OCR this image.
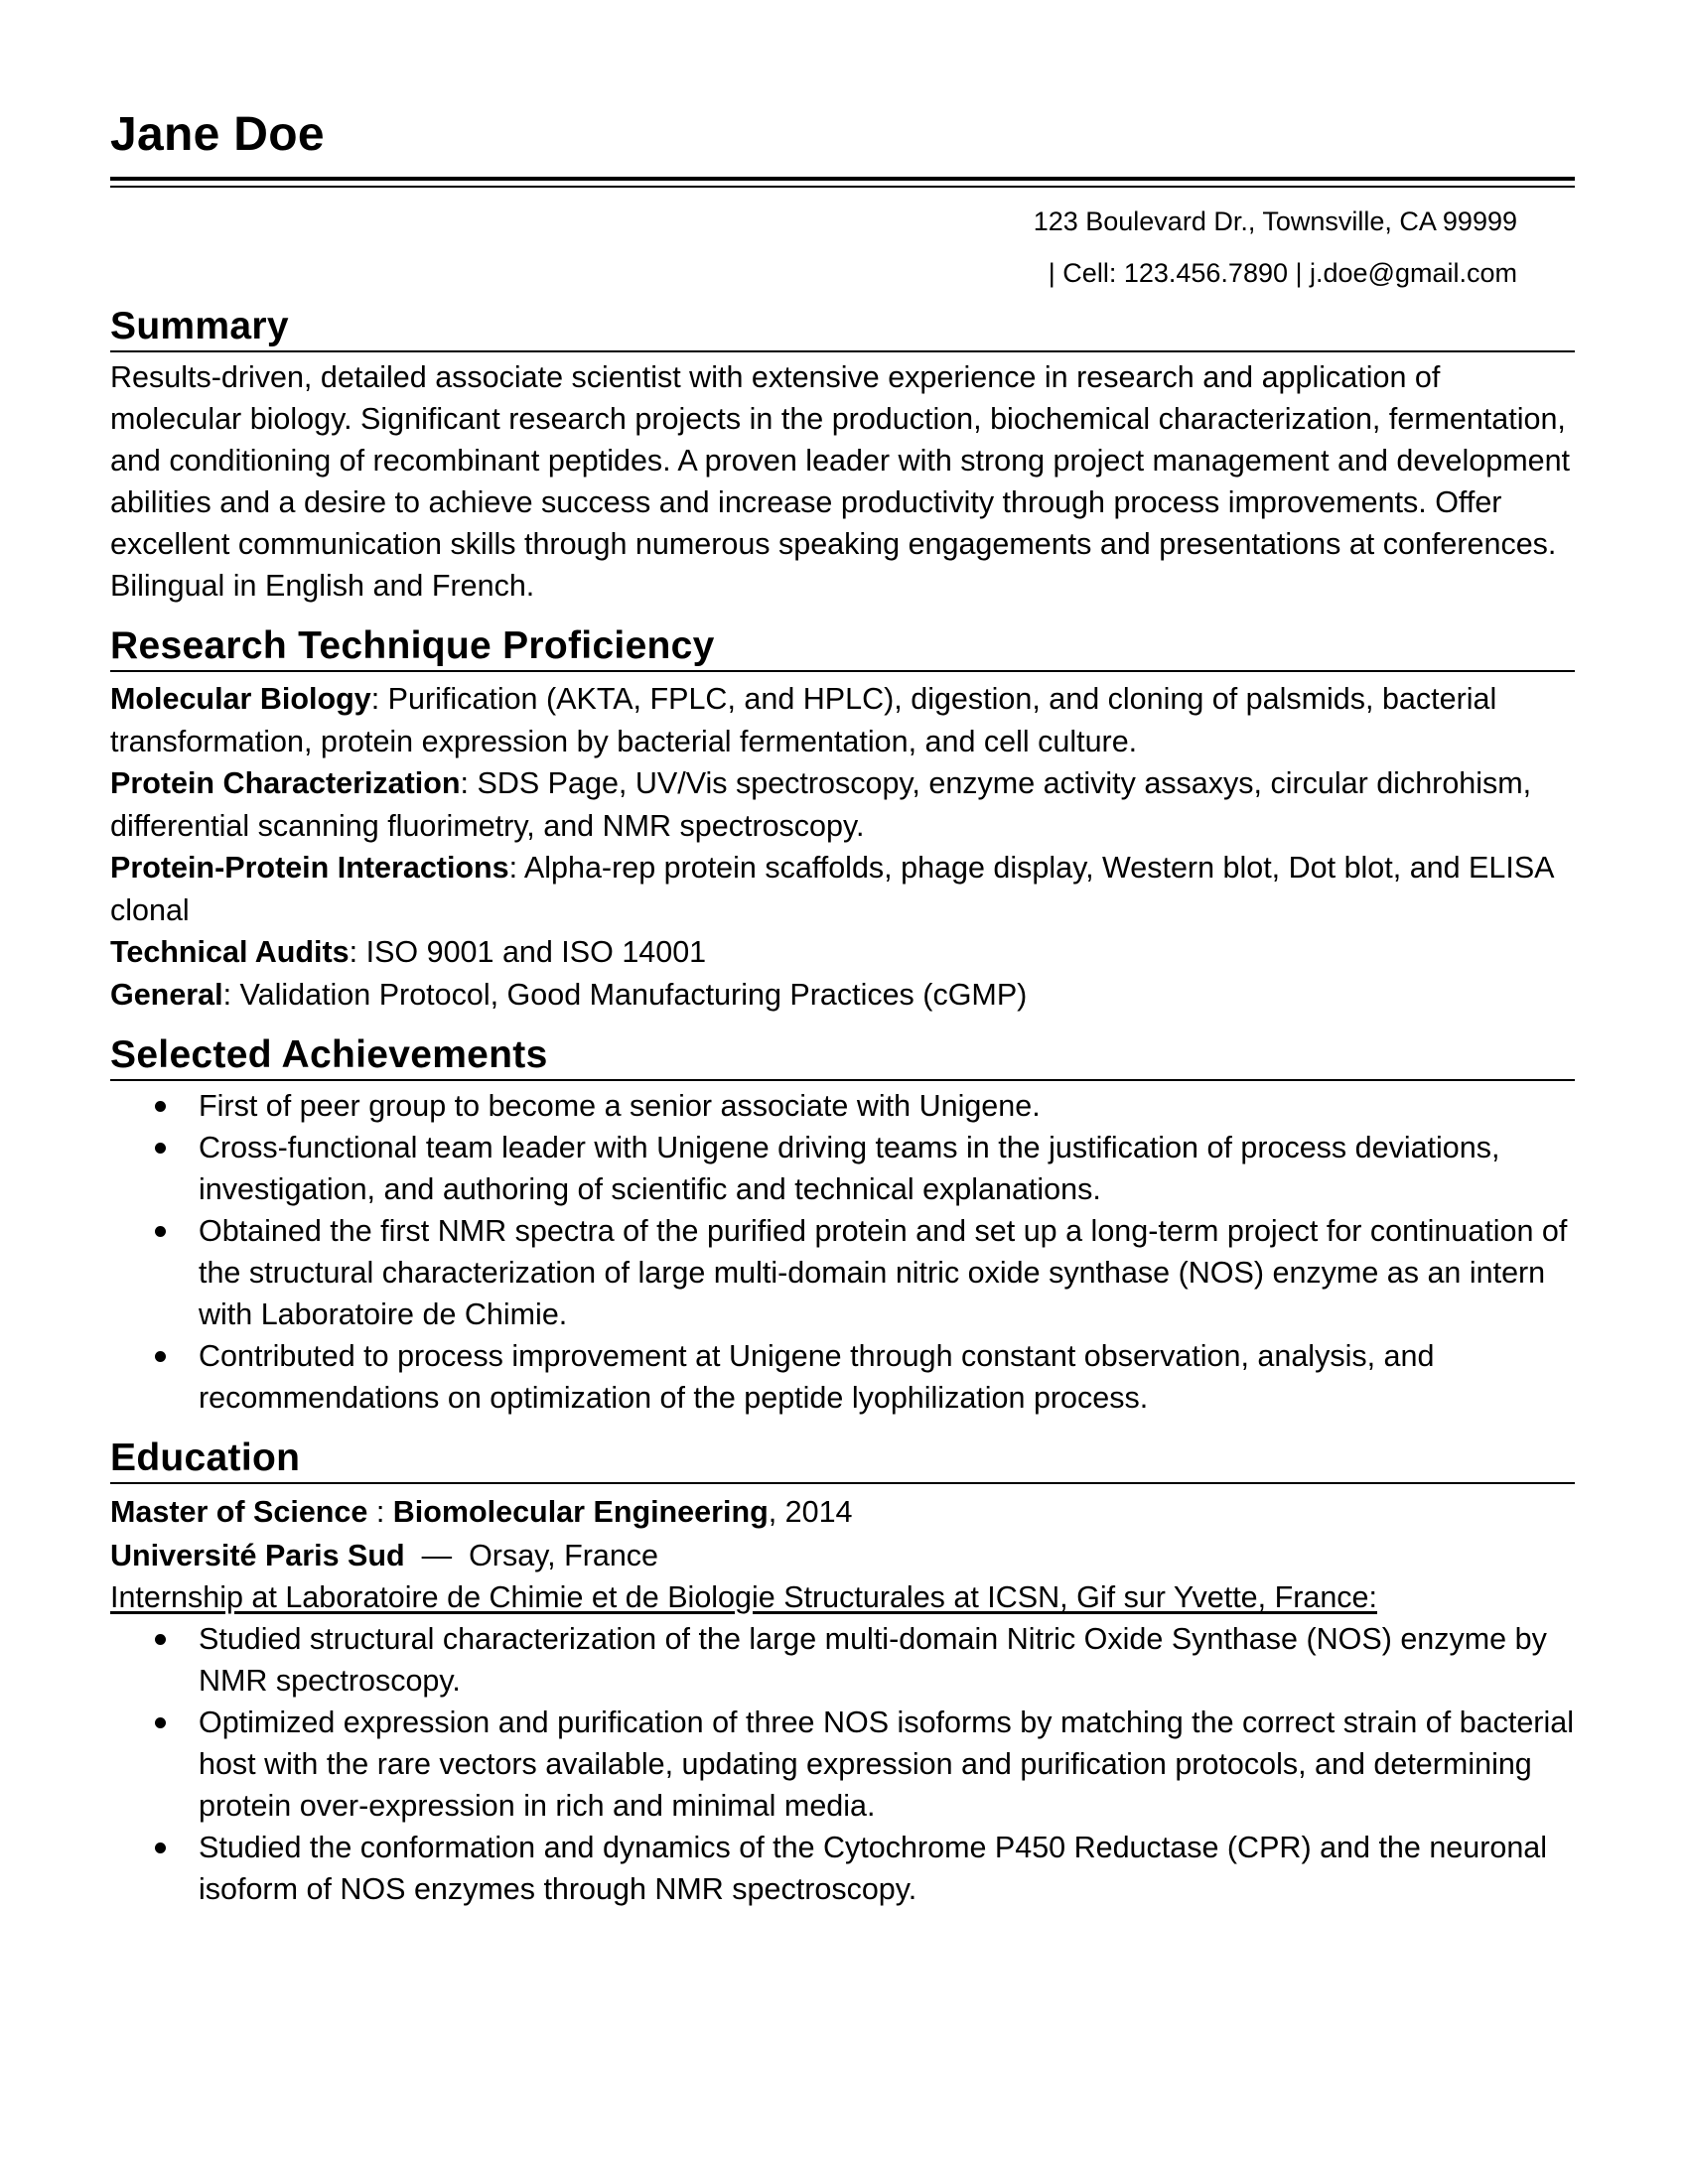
Jane Doe
123 Boulevard Dr., Townsville, CA 99999
| Cell: 123.456.7890 | j.doe@gmail.com
Summary

Results-driven, detailed associate scientist with extensive experience in research and application of molecular biology. Significant research projects in the production, biochemical characterization, fermentation, and conditioning of recombinant peptides. A proven leader with strong project management and development abilities and a desire to achieve success and increase productivity through process improvements. Offer excellent communication skills through numerous speaking engagements and presentations at conferences. Bilingual in English and French.

Research Technique Proficiency
Molecular Biology: Purification (AKTA, FPLC, and HPLC), digestion, and cloning of palsmids, bacterial transformation, protein expression by bacterial fermentation, and cell culture.
Protein Characterization: SDS Page, UV/Vis spectroscopy, enzyme activity assaxys, circular dichrohism, differential scanning fluorimetry, and NMR spectroscopy.
Protein-Protein Interactions: Alpha-rep protein scaffolds, phage display, Western blot, Dot blot, and ELISA clonal
Technical Audits: ISO 9001 and ISO 14001
General: Validation Protocol, Good Manufacturing Practices (cGMP)
Selected Achievements
First of peer group to become a senior associate with Unigene.
Cross-functional team leader with Unigene driving teams in the justification of process deviations, investigation, and authoring of scientific and technical explanations.
Obtained the first NMR spectra of the purified protein and set up a long-term project for continuation of the structural characterization of large multi-domain nitric oxide synthase (NOS) enzyme as an intern with Laboratoire de Chimie.
Contributed to process improvement at Unigene through constant observation, analysis, and recommendations on optimization of the peptide lyophilization process.
Education
Master of Science : Biomolecular Engineering, 2014
Université Paris Sud  —  Orsay, France
Internship at Laboratoire de Chimie et de Biologie Structurales at ICSN, Gif sur Yvette, France:
Studied structural characterization of the large multi-domain Nitric Oxide Synthase (NOS) enzyme by NMR spectroscopy.
Optimized expression and purification of three NOS isoforms by matching the correct strain of bacterial host with the rare vectors available, updating expression and purification protocols, and determining protein over-expression in rich and minimal media.
Studied the conformation and dynamics of the Cytochrome P450 Reductase (CPR) and the neuronal isoform of NOS enzymes through NMR spectroscopy.
